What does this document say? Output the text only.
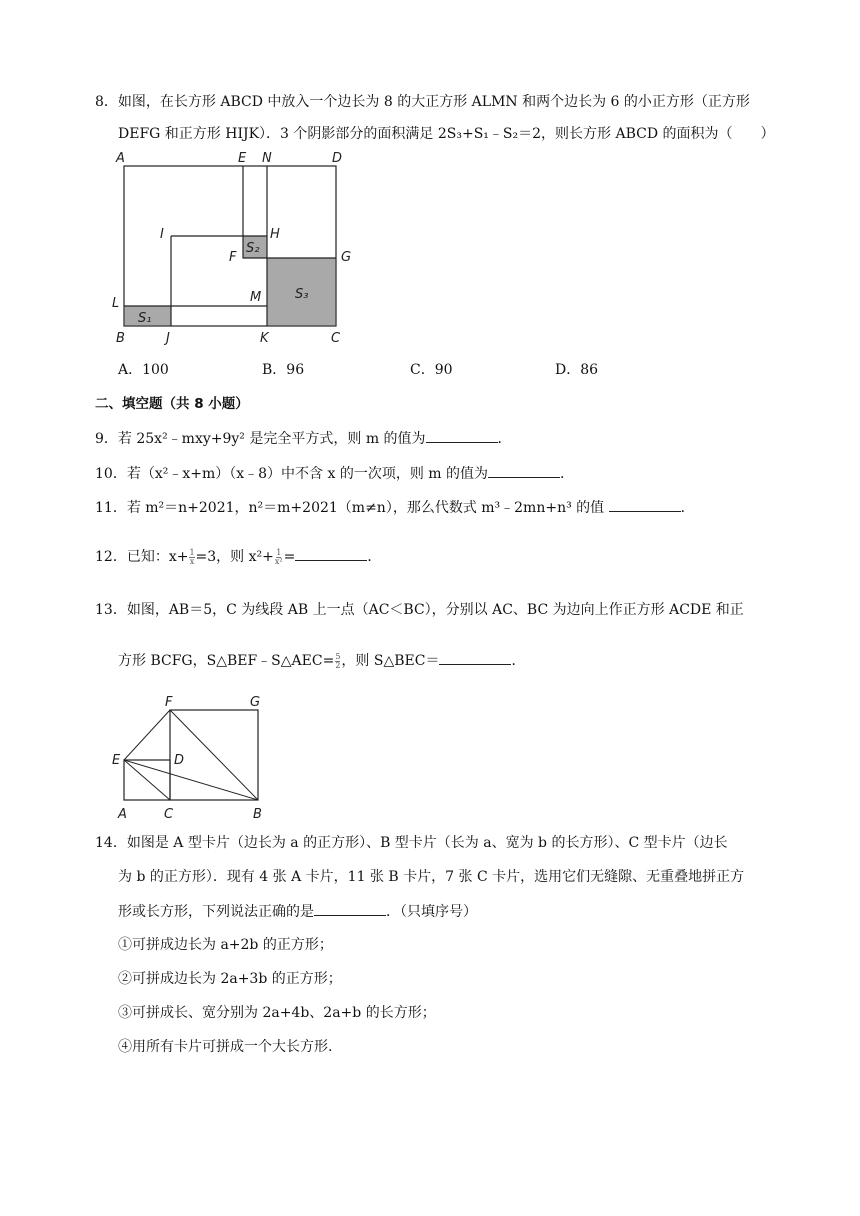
8．如图，在长方形 ABCD 中放入一个边长为 8 的大正方形 ALMN 和两个边长为 6 的小正方形（正方形
DEFG 和正方形 HIJK）．3 个阴影部分的面积满足 2S₃+S₁﹣S₂＝2，则长方形 ABCD 的面积为（　　）
A	E N	D
I	H
F	G
L	M
B	J	K	C
S₁
S₂
S₃
A．100	B．96	C．90	D．86
二、填空题（共 8 小题）
9．若 25x²﹣mxy+9y² 是完全平方式，则 m 的值为	．
10．若（x²﹣x+m）（x﹣8）中不含 x 的一次项，则 m 的值为	．
11．若 m²＝n+2021，n²＝m+2021（m≠n），那么代数式 m³﹣2mn+n³ 的值	．
12．已知：$x+ \frac{1}{x} =3$，则 $x^2+ \frac{1}{\text{x²}}$ =	．
13．如图，AB＝5，C 为线段 AB 上一点（AC＜BC），分别以 AC、BC 为边向上作正方形 ACDE 和正
方形 BCFG，S△BEF﹣S△AEC= $\frac{5}{2}$ ，则 S△BEC＝	．
F	G
E	D
A	C	B
14．如图是 A 型卡片（边长为 a 的正方形）、B 型卡片（长为 a、宽为 b 的长方形）、C 型卡片（边长
为 b 的正方形）．现有 4 张 A 卡片，11 张 B 卡片，7 张 C 卡片，选用它们无缝隙、无重叠地拼正方
形或长方形，下列说法正确的是	．（只填序号）
①可拼成边长为 a+2b 的正方形；
②可拼成边长为 2a+3b 的正方形；
③可拼成长、宽分别为 2a+4b、2a+b 的长方形；
④用所有卡片可拼成一个大长方形.
